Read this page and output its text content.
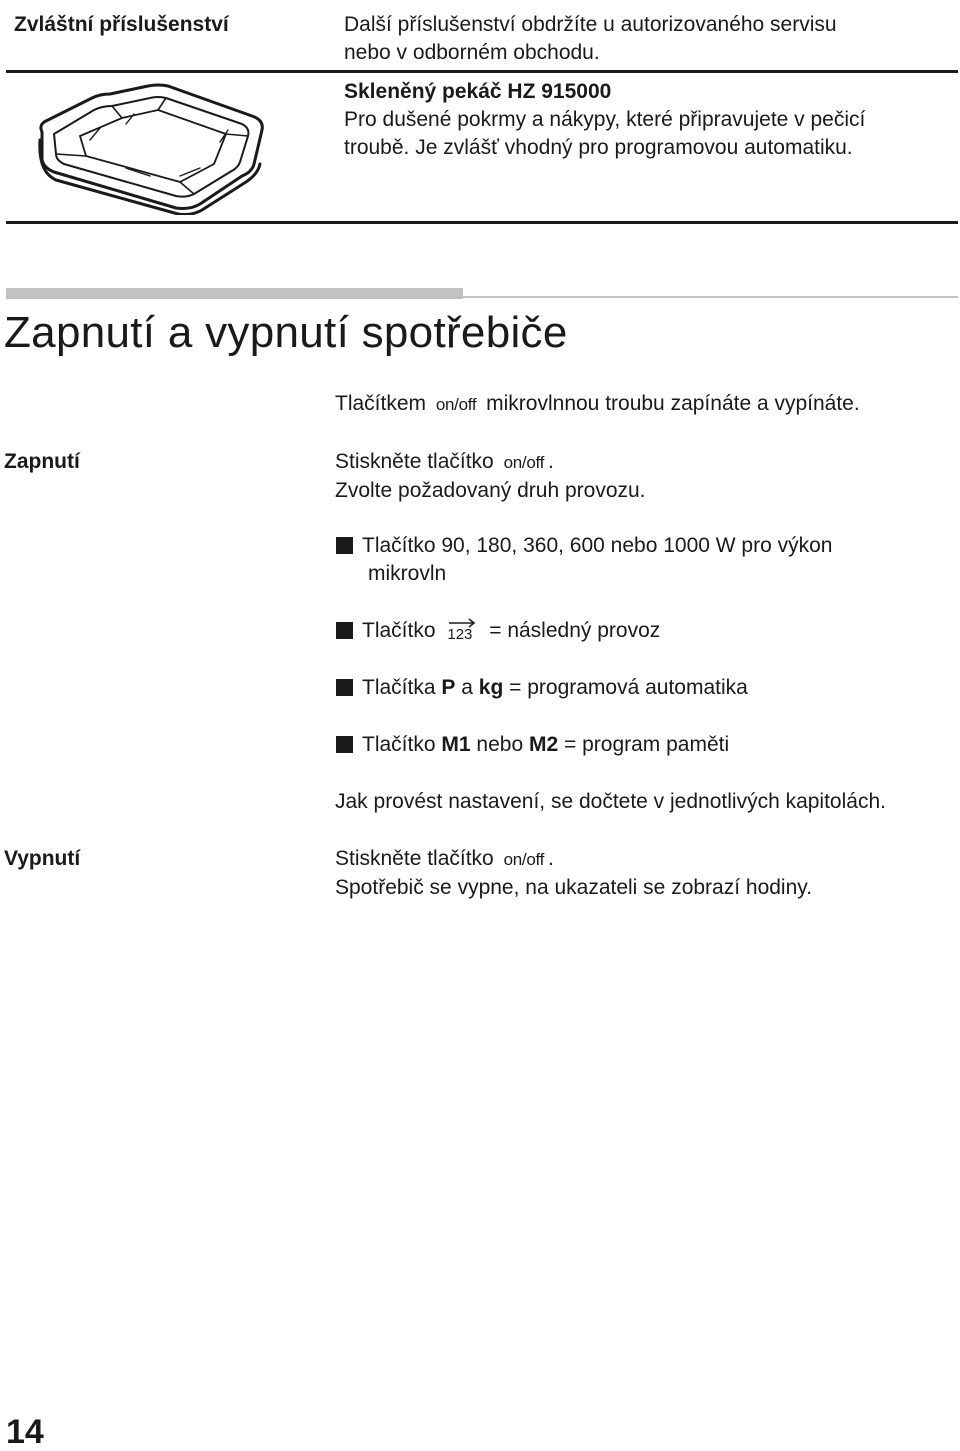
Zvláštní příslušenství	Další příslušenství obdržíte u autorizovaného servisu
nebo v odborném obchodu.
Skleněný pekáč HZ 915000
Pro dušené pokrmy a nákypy, které připravujete v pečicí
troubě. Je zvlášť vhodný pro programovou automatiku.
Zapnutí a vypnutí spotřebiče
Tlačítkem on/off mikrovlnnou troubu zapínáte a vypínáte.
Zapnutí	Stiskněte tlačítko on/off .
Zvolte požadovaný druh provozu.
Tlačítko 90, 180, 360, 600 nebo 1000 W pro výkon
mikrovln
Tlačítko 123 = následný provoz
Tlačítka P a kg = programová automatika
Tlačítko M1 nebo M2 = program paměti
Jak provést nastavení, se dočtete v jednotlivých kapitolách.
Vypnutí	Stiskněte tlačítko on/off .
Spotřebič se vypne, na ukazateli se zobrazí hodiny.
14
